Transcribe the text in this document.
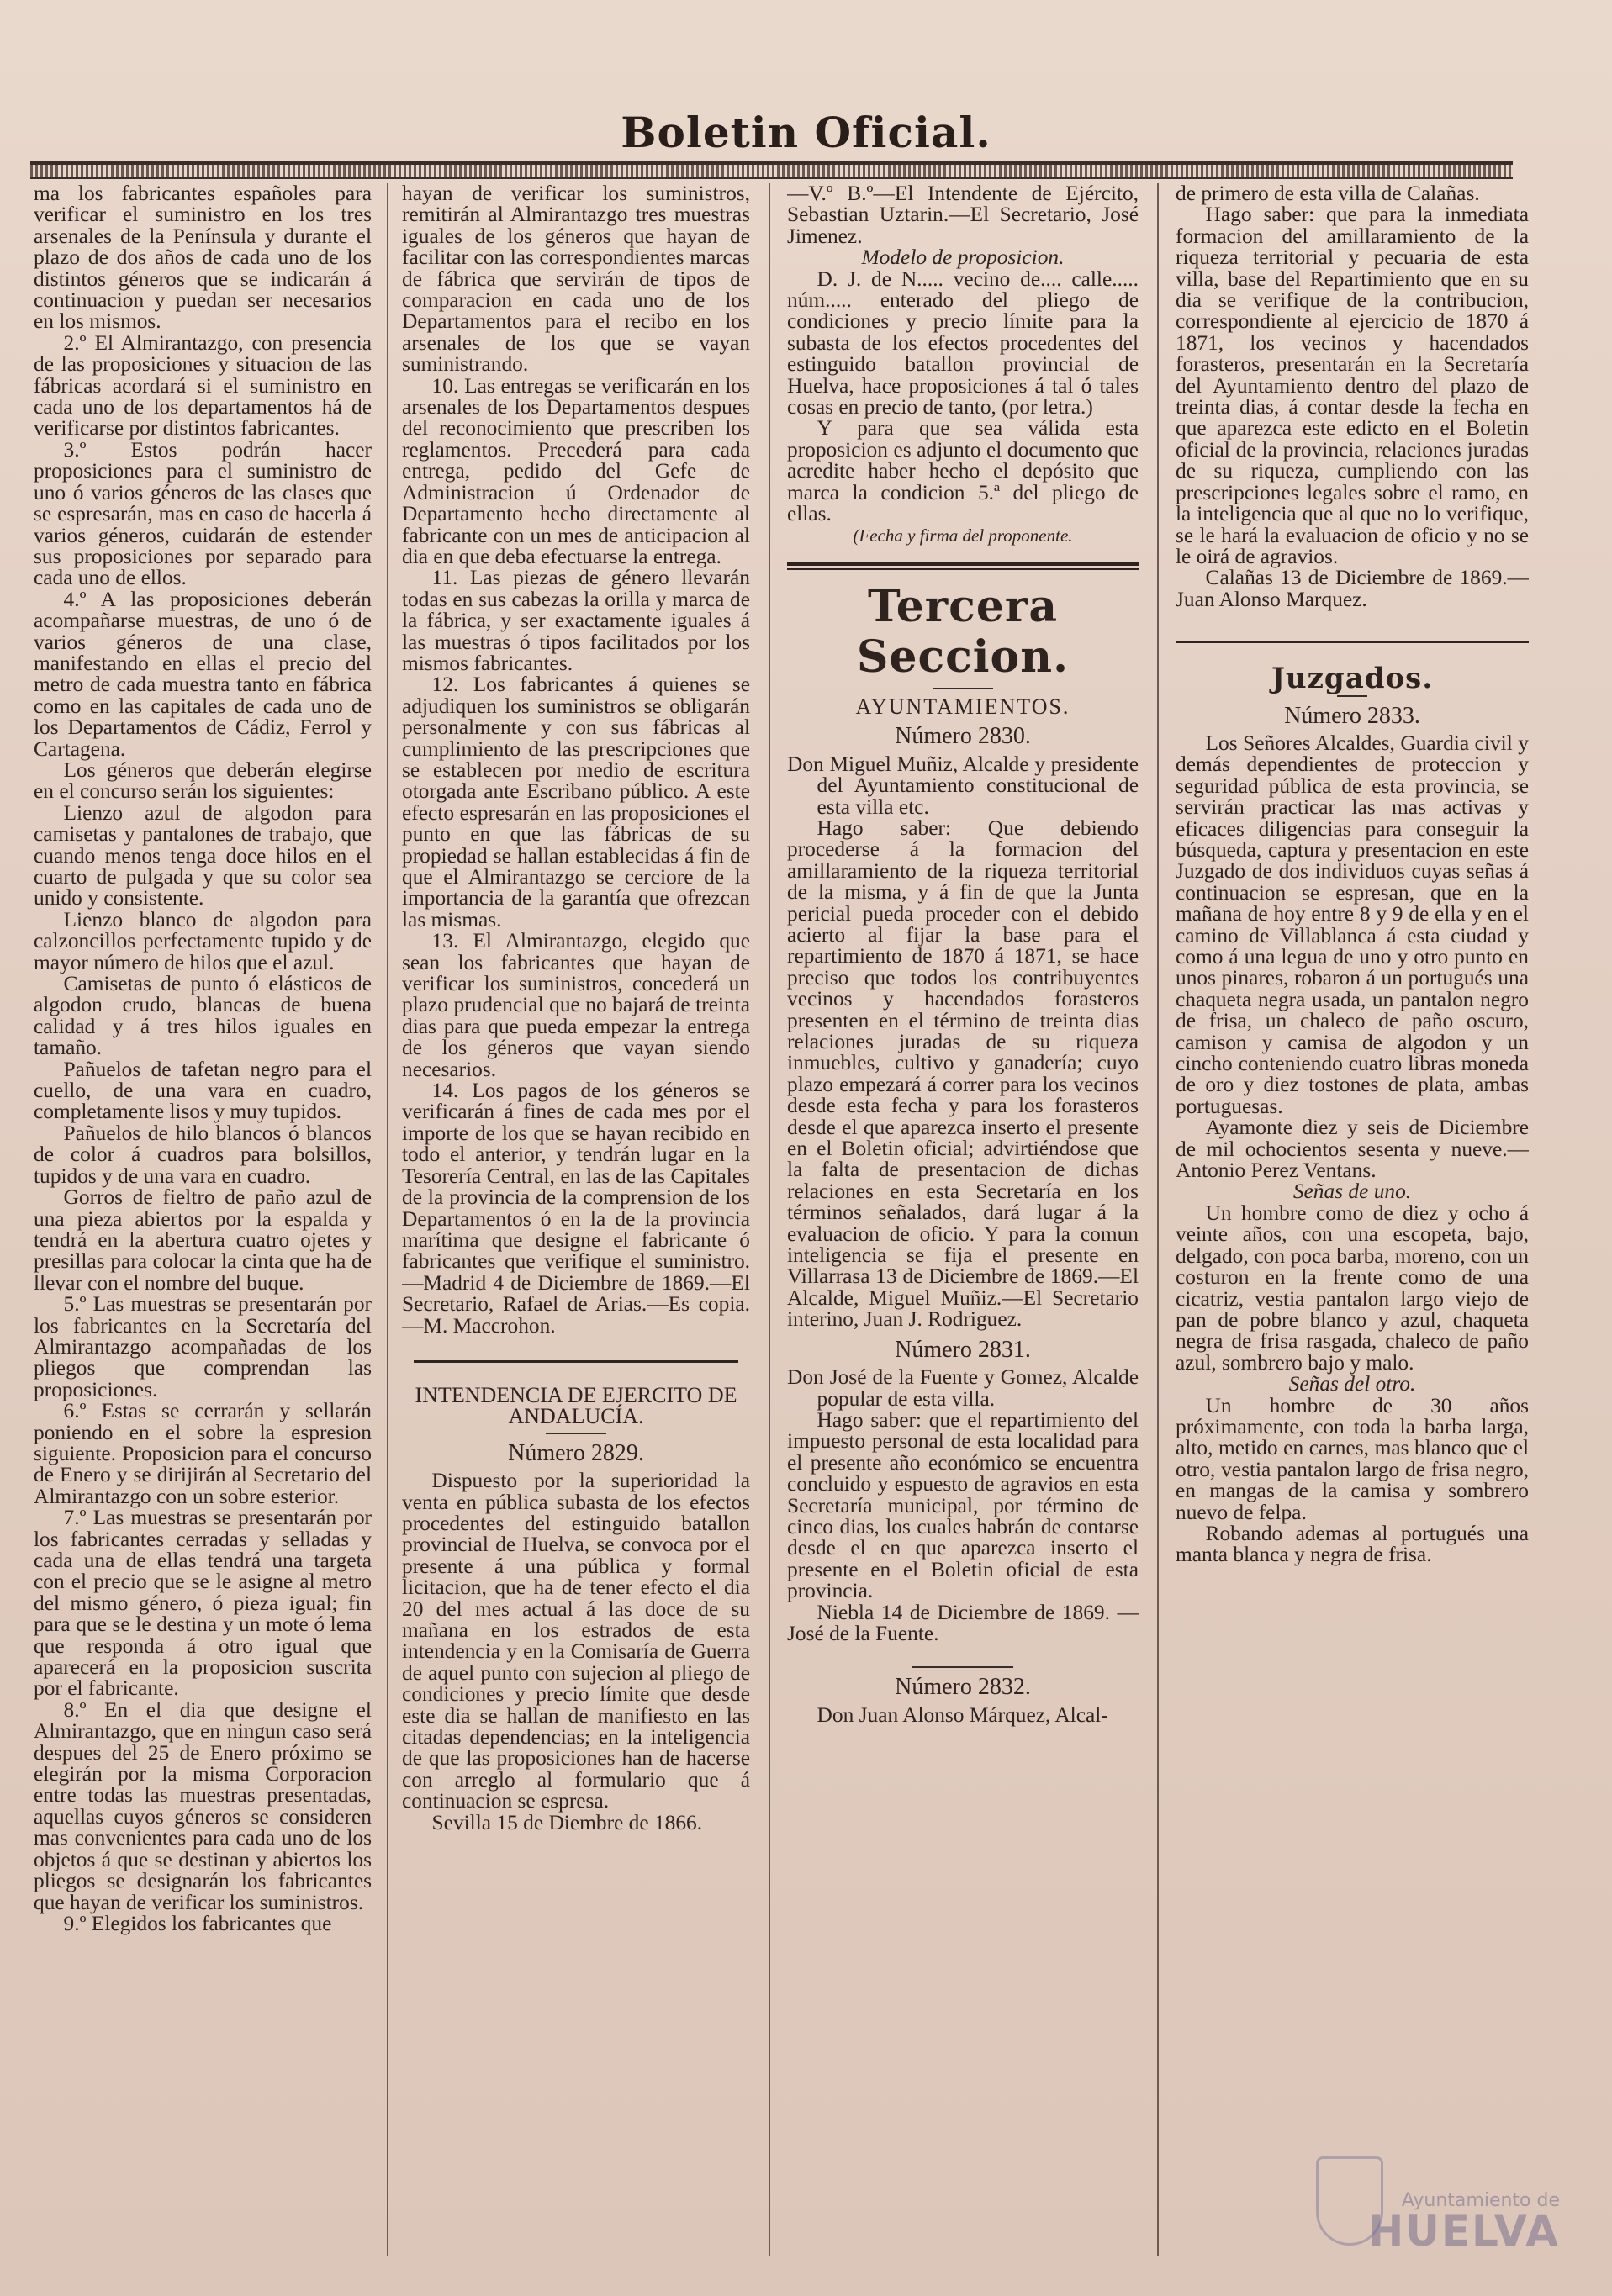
Boletin Oficial.

ma los fabricantes españoles para verificar el suministro en los tres arsenales de la Península y durante el plazo de dos años de cada uno de los distintos géneros que se indicarán á continuacion y puedan ser necesarios en los mismos.

2.º El Almirantazgo, con presencia de las proposiciones y situacion de las fábricas acordará si el suministro en cada uno de los departamentos há de verificarse por distintos fabricantes.

3.º Estos podrán hacer proposiciones para el suministro de uno ó varios géneros de las clases que se espresarán, mas en caso de hacerla á varios géneros, cuidarán de estender sus proposiciones por separado para cada uno de ellos.

4.º A las proposiciones deberán acompañarse muestras, de uno ó de varios géneros de una clase, manifestando en ellas el precio del metro de cada muestra tanto en fábrica como en las capitales de cada uno de los Departamentos de Cádiz, Ferrol y Cartagena.

Los géneros que deberán elegirse en el concurso serán los siguientes:

Lienzo azul de algodon para camisetas y pantalones de trabajo, que cuando menos tenga doce hilos en el cuarto de pulgada y que su color sea unido y consistente.

Lienzo blanco de algodon para calzoncillos perfectamente tupido y de mayor número de hilos que el azul.

Camisetas de punto ó elásticos de algodon crudo, blancas de buena calidad y á tres hilos iguales en tamaño.

Pañuelos de tafetan negro para el cuello, de una vara en cuadro, completamente lisos y muy tupidos.

Pañuelos de hilo blancos ó blancos de color á cuadros para bolsillos, tupidos y de una vara en cuadro.

Gorros de fieltro de paño azul de una pieza abiertos por la espalda y tendrá en la abertura cuatro ojetes y presillas para colocar la cinta que ha de llevar con el nombre del buque.

5.º Las muestras se presentarán por los fabricantes en la Secretaría del Almirantazgo acompañadas de los pliegos que comprendan las proposiciones.

6.º Estas se cerrarán y sellarán poniendo en el sobre la espresion siguiente. Proposicion para el concurso de Enero y se dirijirán al Secretario del Almirantazgo con un sobre esterior.

7.º Las muestras se presentarán por los fabricantes cerradas y selladas y cada una de ellas tendrá una targeta con el precio que se le asigne al metro del mismo género, ó pieza igual; fin para que se le destina y un mote ó lema que responda á otro igual que aparecerá en la proposicion suscrita por el fabricante.

8.º En el dia que designe el Almirantazgo, que en ningun caso será despues del 25 de Enero próximo se elegirán por la misma Corporacion entre todas las muestras presentadas, aquellas cuyos géneros se consideren mas convenientes para cada uno de los objetos á que se destinan y abiertos los pliegos se designarán los fabricantes que hayan de verificar los suministros.

9.º Elegidos los fabricantes que

hayan de verificar los suministros, remitirán al Almirantazgo tres muestras iguales de los géneros que hayan de facilitar con las correspondientes marcas de fábrica que servirán de tipos de comparacion en cada uno de los Departamentos para el recibo en los arsenales de los que se vayan suministrando.

10. Las entregas se verificarán en los arsenales de los Departamentos despues del reconocimiento que prescriben los reglamentos. Precederá para cada entrega, pedido del Gefe de Administracion ú Ordenador de Departamento hecho directamente al fabricante con un mes de anticipacion al dia en que deba efectuarse la entrega.

11. Las piezas de género llevarán todas en sus cabezas la orilla y marca de la fábrica, y ser exactamente iguales á las muestras ó tipos facilitados por los mismos fabricantes.

12. Los fabricantes á quienes se adjudiquen los suministros se obligarán personalmente y con sus fábricas al cumplimiento de las prescripciones que se establecen por medio de escritura otorgada ante Escribano público. A este efecto espresarán en las proposiciones el punto en que las fábricas de su propiedad se hallan establecidas á fin de que el Almirantazgo se cerciore de la importancia de la garantía que ofrezcan las mismas.

13. El Almirantazgo, elegido que sean los fabricantes que hayan de verificar los suministros, concederá un plazo prudencial que no bajará de treinta dias para que pueda empezar la entrega de los géneros que vayan siendo necesarios.

14. Los pagos de los géneros se verificarán á fines de cada mes por el importe de los que se hayan recibido en todo el anterior, y tendrán lugar en la Tesorería Central, en las de las Capitales de la provincia de la comprension de los Departamentos ó en la de la provincia marítima que designe el fabricante ó fabricantes que verifique el suministro.—Madrid 4 de Diciembre de 1869.—El Secretario, Rafael de Arias.—Es copia.—M. Maccrohon.

INTENDENCIA DE EJERCITO DE ANDALUCÍA.
Número 2829.

Dispuesto por la superioridad la venta en pública subasta de los efectos procedentes del estinguido batallon provincial de Huelva, se convoca por el presente á una pública y formal licitacion, que ha de tener efecto el dia 20 del mes actual á las doce de su mañana en los estrados de esta intendencia y en la Comisaría de Guerra de aquel punto con sujecion al pliego de condiciones y precio límite que desde este dia se hallan de manifiesto en las citadas dependencias; en la inteligencia de que las proposiciones han de hacerse con arreglo al formulario que á continuacion se espresa.

Sevilla 15 de Diembre de 1866.

—V.º B.º—El Intendente de Ejército, Sebastian Uztarin.—El Secretario, José Jimenez.

Modelo de proposicion.

D. J. de N..... vecino de.... calle..... núm..... enterado del pliego de condiciones y precio límite para la subasta de los efectos procedentes del estinguido batallon provincial de Huelva, hace proposiciones á tal ó tales cosas en precio de tanto, (por letra.)

Y para que sea válida esta proposicion es adjunto el documento que acredite haber hecho el depósito que marca la condicion 5.ª del pliego de ellas.

(Fecha y firma del proponente.

Tercera Seccion.
AYUNTAMIENTOS.
Número 2830.

Don Miguel Muñiz, Alcalde y presidente del Ayuntamiento constitucional de esta villa etc.

Hago saber: Que debiendo procederse á la formacion del amillaramiento de la riqueza territorial de la misma, y á fin de que la Junta pericial pueda proceder con el debido acierto al fijar la base para el repartimiento de 1870 á 1871, se hace preciso que todos los contribuyentes vecinos y hacendados forasteros presenten en el término de treinta dias relaciones juradas de su riqueza inmuebles, cultivo y ganadería; cuyo plazo empezará á correr para los vecinos desde esta fecha y para los forasteros desde el que aparezca inserto el presente en el Boletin oficial; advirtiéndose que la falta de presentacion de dichas relaciones en esta Secretaría en los términos señalados, dará lugar á la evaluacion de oficio. Y para la comun inteligencia se fija el presente en Villarrasa 13 de Diciembre de 1869.—El Alcalde, Miguel Muñiz.—El Secretario interino, Juan J. Rodriguez.

Número 2831.

Don José de la Fuente y Gomez, Alcalde popular de esta villa.

Hago saber: que el repartimiento del impuesto personal de esta localidad para el presente año económico se encuentra concluido y espuesto de agravios en esta Secretaría municipal, por término de cinco dias, los cuales habrán de contarse desde el en que aparezca inserto el presente en el Boletin oficial de esta provincia.

Niebla 14 de Diciembre de 1869. —José de la Fuente.

Número 2832.

Don Juan Alonso Márquez, Alcal-

de primero de esta villa de Calañas.

Hago saber: que para la inmediata formacion del amillaramiento de la riqueza territorial y pecuaria de esta villa, base del Repartimiento que en su dia se verifique de la contribucion, correspondiente al ejercicio de 1870 á 1871, los vecinos y hacendados forasteros, presentarán en la Secretaría del Ayuntamiento dentro del plazo de treinta dias, á contar desde la fecha en que aparezca este edicto en el Boletin oficial de la provincia, relaciones juradas de su riqueza, cumpliendo con las prescripciones legales sobre el ramo, en la inteligencia que al que no lo verifique, se le hará la evaluacion de oficio y no se le oirá de agravios.

Calañas 13 de Diciembre de 1869.—Juan Alonso Marquez.

Juzgados.
Número 2833.

Los Señores Alcaldes, Guardia civil y demás dependientes de proteccion y seguridad pública de esta provincia, se servirán practicar las mas activas y eficaces diligencias para conseguir la búsqueda, captura y presentacion en este Juzgado de dos individuos cuyas señas á continuacion se espresan, que en la mañana de hoy entre 8 y 9 de ella y en el camino de Villablanca á esta ciudad y como á una legua de uno y otro punto en unos pinares, robaron á un portugués una chaqueta negra usada, un pantalon negro de frisa, un chaleco de paño oscuro, camison y camisa de algodon y un cincho conteniendo cuatro libras moneda de oro y diez tostones de plata, ambas portuguesas.

Ayamonte diez y seis de Diciembre de mil ochocientos sesenta y nueve.—Antonio Perez Ventans.

Señas de uno.

Un hombre como de diez y ocho á veinte años, con una escopeta, bajo, delgado, con poca barba, moreno, con un costuron en la frente como de una cicatriz, vestia pantalon largo viejo de pan de pobre blanco y azul, chaqueta negra de frisa rasgada, chaleco de paño azul, sombrero bajo y malo.

Señas del otro.

Un hombre de 30 años próximamente, con toda la barba larga, alto, metido en carnes, mas blanco que el otro, vestia pantalon largo de frisa negro, en mangas de la camisa y sombrero nuevo de felpa.

Robando ademas al portugués una manta blanca y negra de frisa.

Ayuntamiento de
HUELVA
